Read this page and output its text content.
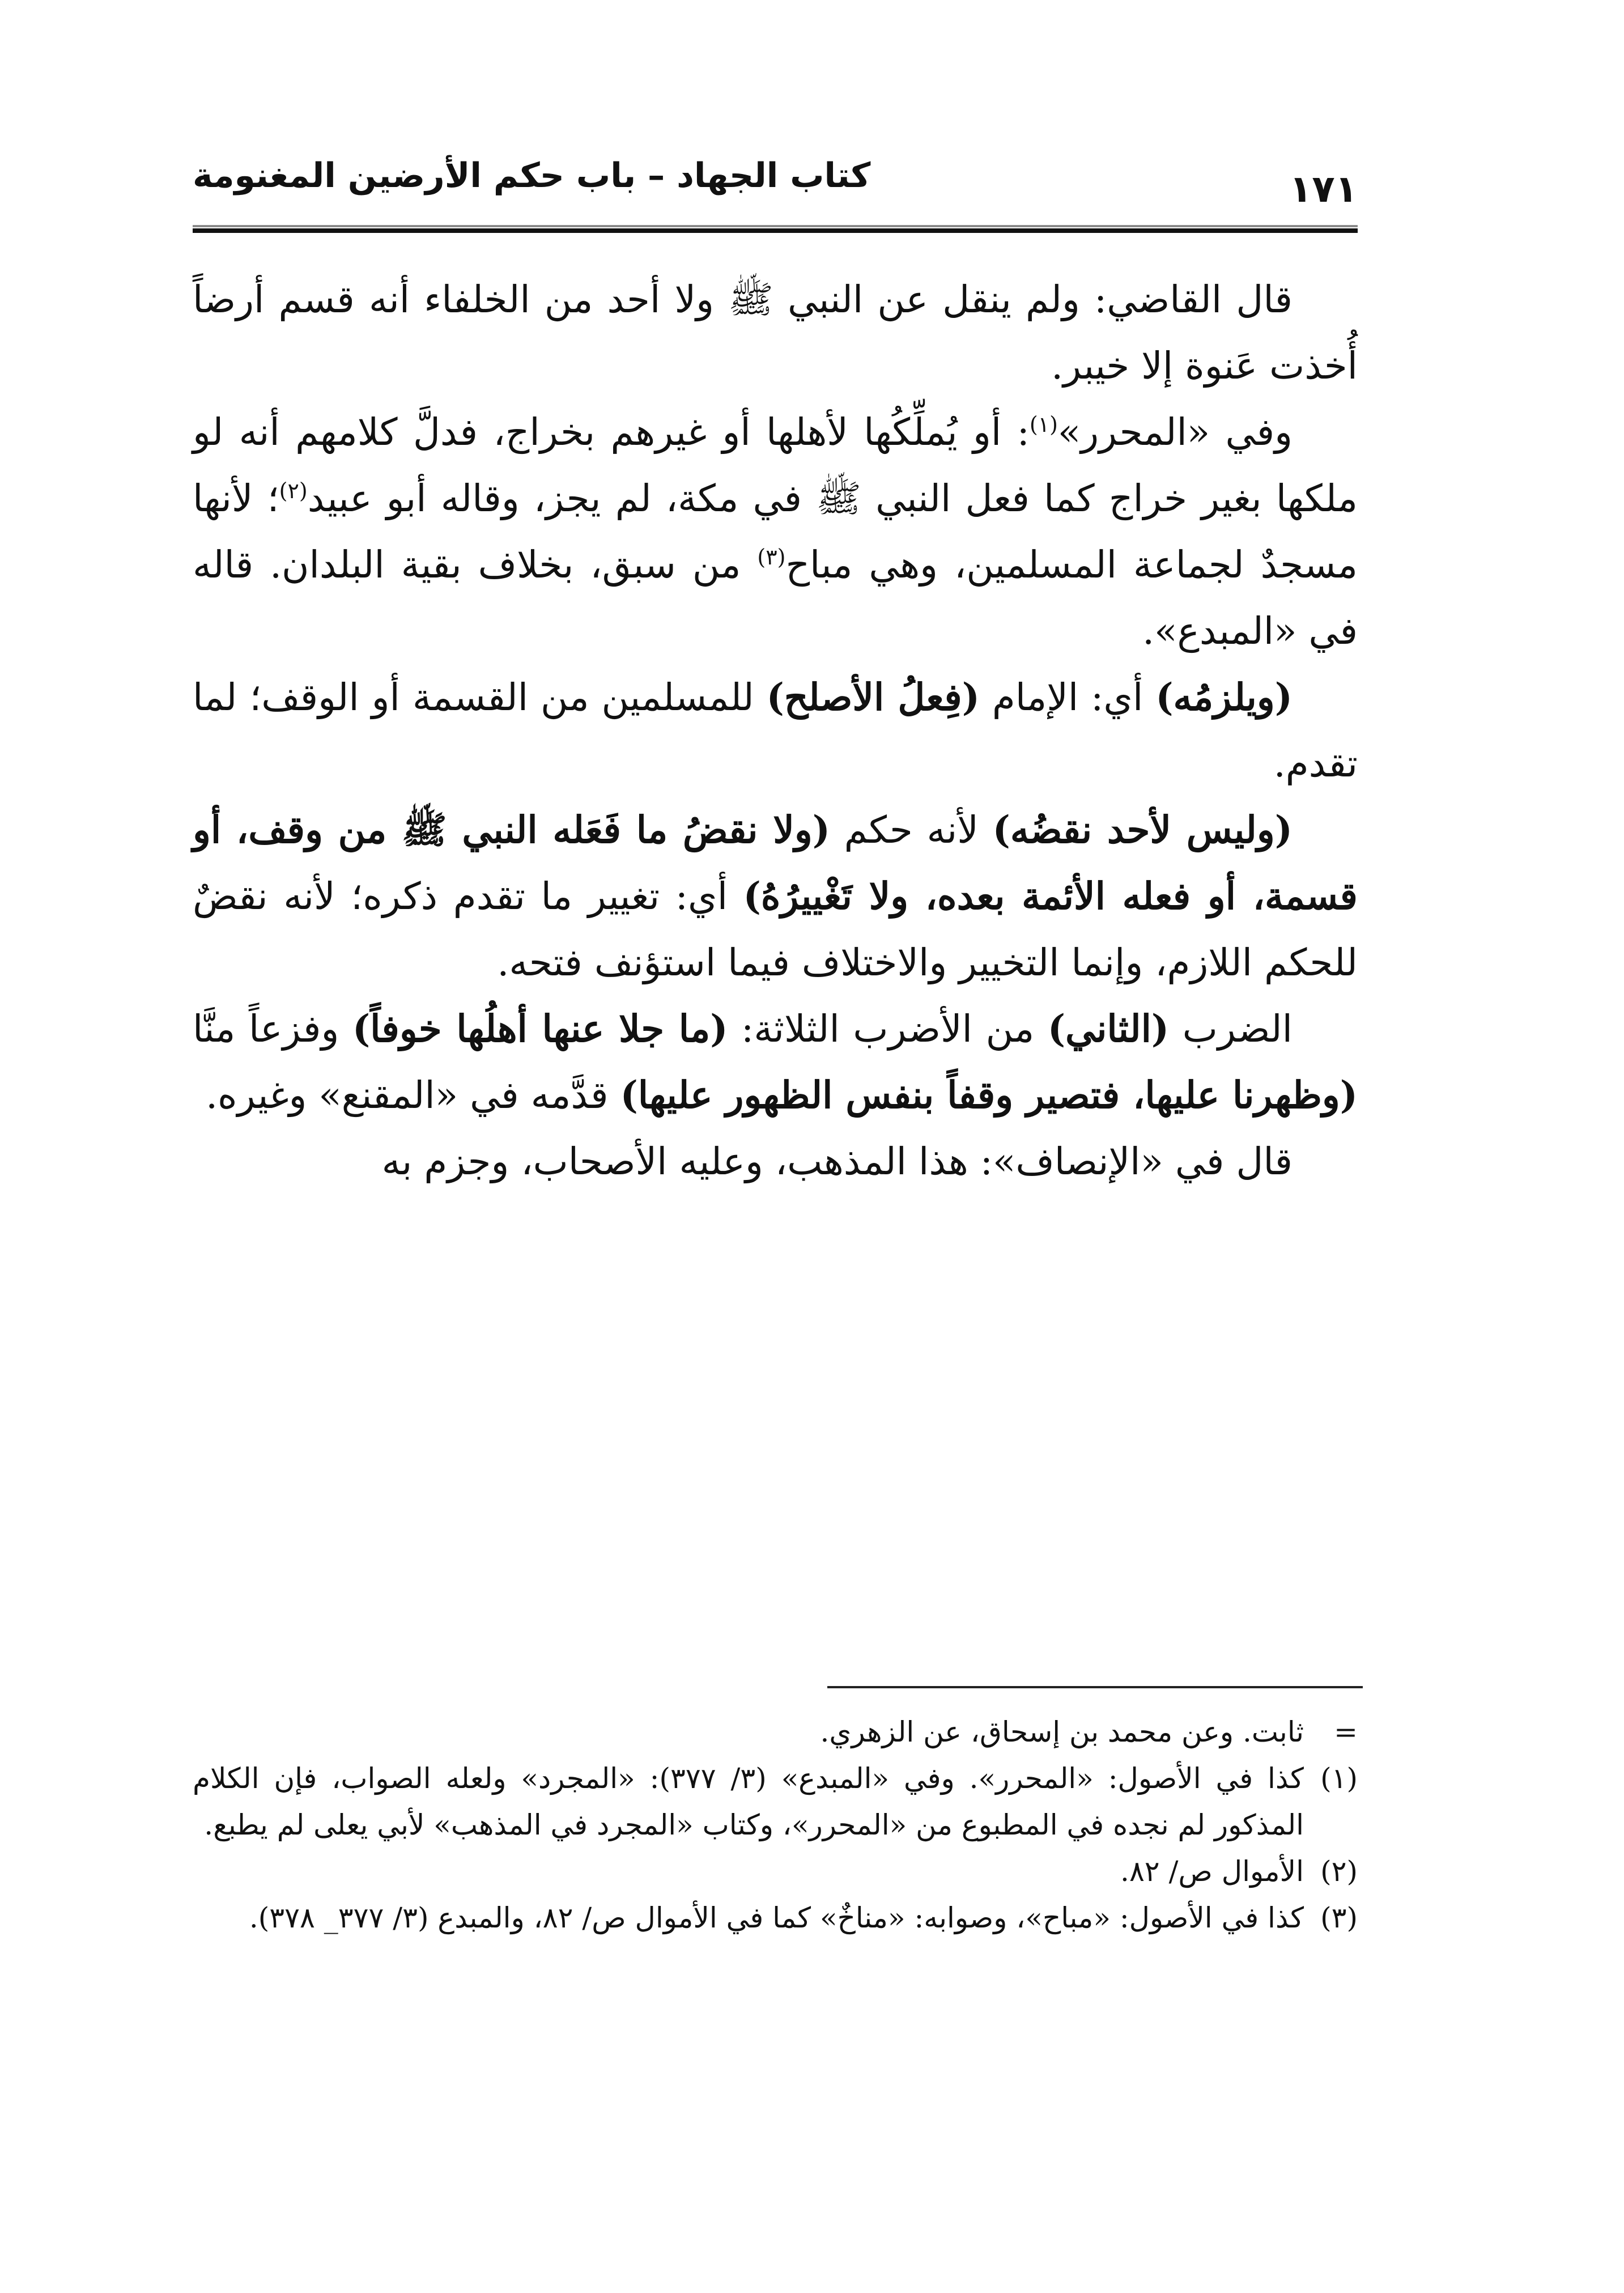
١٧١
كتاب الجهاد – باب حكم الأرضين المغنومة

قال القاضي: ولم ينقل عن النبي ﷺ ولا أحد من الخلفاء أنه قسم أرضاً أُخذت عَنوة إلا خيبر.

وفي «المحرر»$^{(١)}$: أو يُملِّكُها لأهلها أو غيرهم بخراج، فدلَّ كلامهم أنه لو ملكها بغير خراج كما فعل النبي ﷺ في مكة، لم يجز، وقاله أبو عبيد$^{(٢)}$؛ لأنها مسجدٌ لجماعة المسلمين، وهي مباح$^{(٣)}$ من سبق، بخلاف بقية البلدان. قاله في «المبدع».

(ويلزمُه) أي: الإمام (فِعلُ الأصلح) للمسلمين من القسمة أو الوقف؛ لما تقدم.

(وليس لأحد نقضُه) لأنه حكم (ولا نقضُ ما فَعَله النبي ﷺ من وقف، أو قسمة، أو فعله الأئمة بعده، ولا تَغْييرُهُ) أي: تغيير ما تقدم ذكره؛ لأنه نقضٌ للحكم اللازم، وإنما التخيير والاختلاف فيما استؤنف فتحه.

الضرب (الثاني) من الأضرب الثلاثة: (ما جلا عنها أهلُها خوفاً) وفزعاً منَّا (وظهرنا عليها، فتصير وقفاً بنفس الظهور عليها) قدَّمه في «المقنع» وغيره.

قال في «الإنصاف»: هذا المذهب، وعليه الأصحاب، وجزم به

=
ثابت. وعن محمد بن إسحاق، عن الزهري.

(١)
كذا في الأصول: «المحرر». وفي «المبدع» (٣/ ٣٧٧): «المجرد» ولعله الصواب، فإن الكلام المذكور لم نجده في المطبوع من «المحرر»، وكتاب «المجرد في المذهب» لأبي يعلى لم يطبع.

(٢)
الأموال ص/ ٨٢.

(٣)
كذا في الأصول: «مباح»، وصوابه: «مناخٌ» كما في الأموال ص/ ٨٢، والمبدع (٣/ ٣٧٧_ ٣٧٨).
